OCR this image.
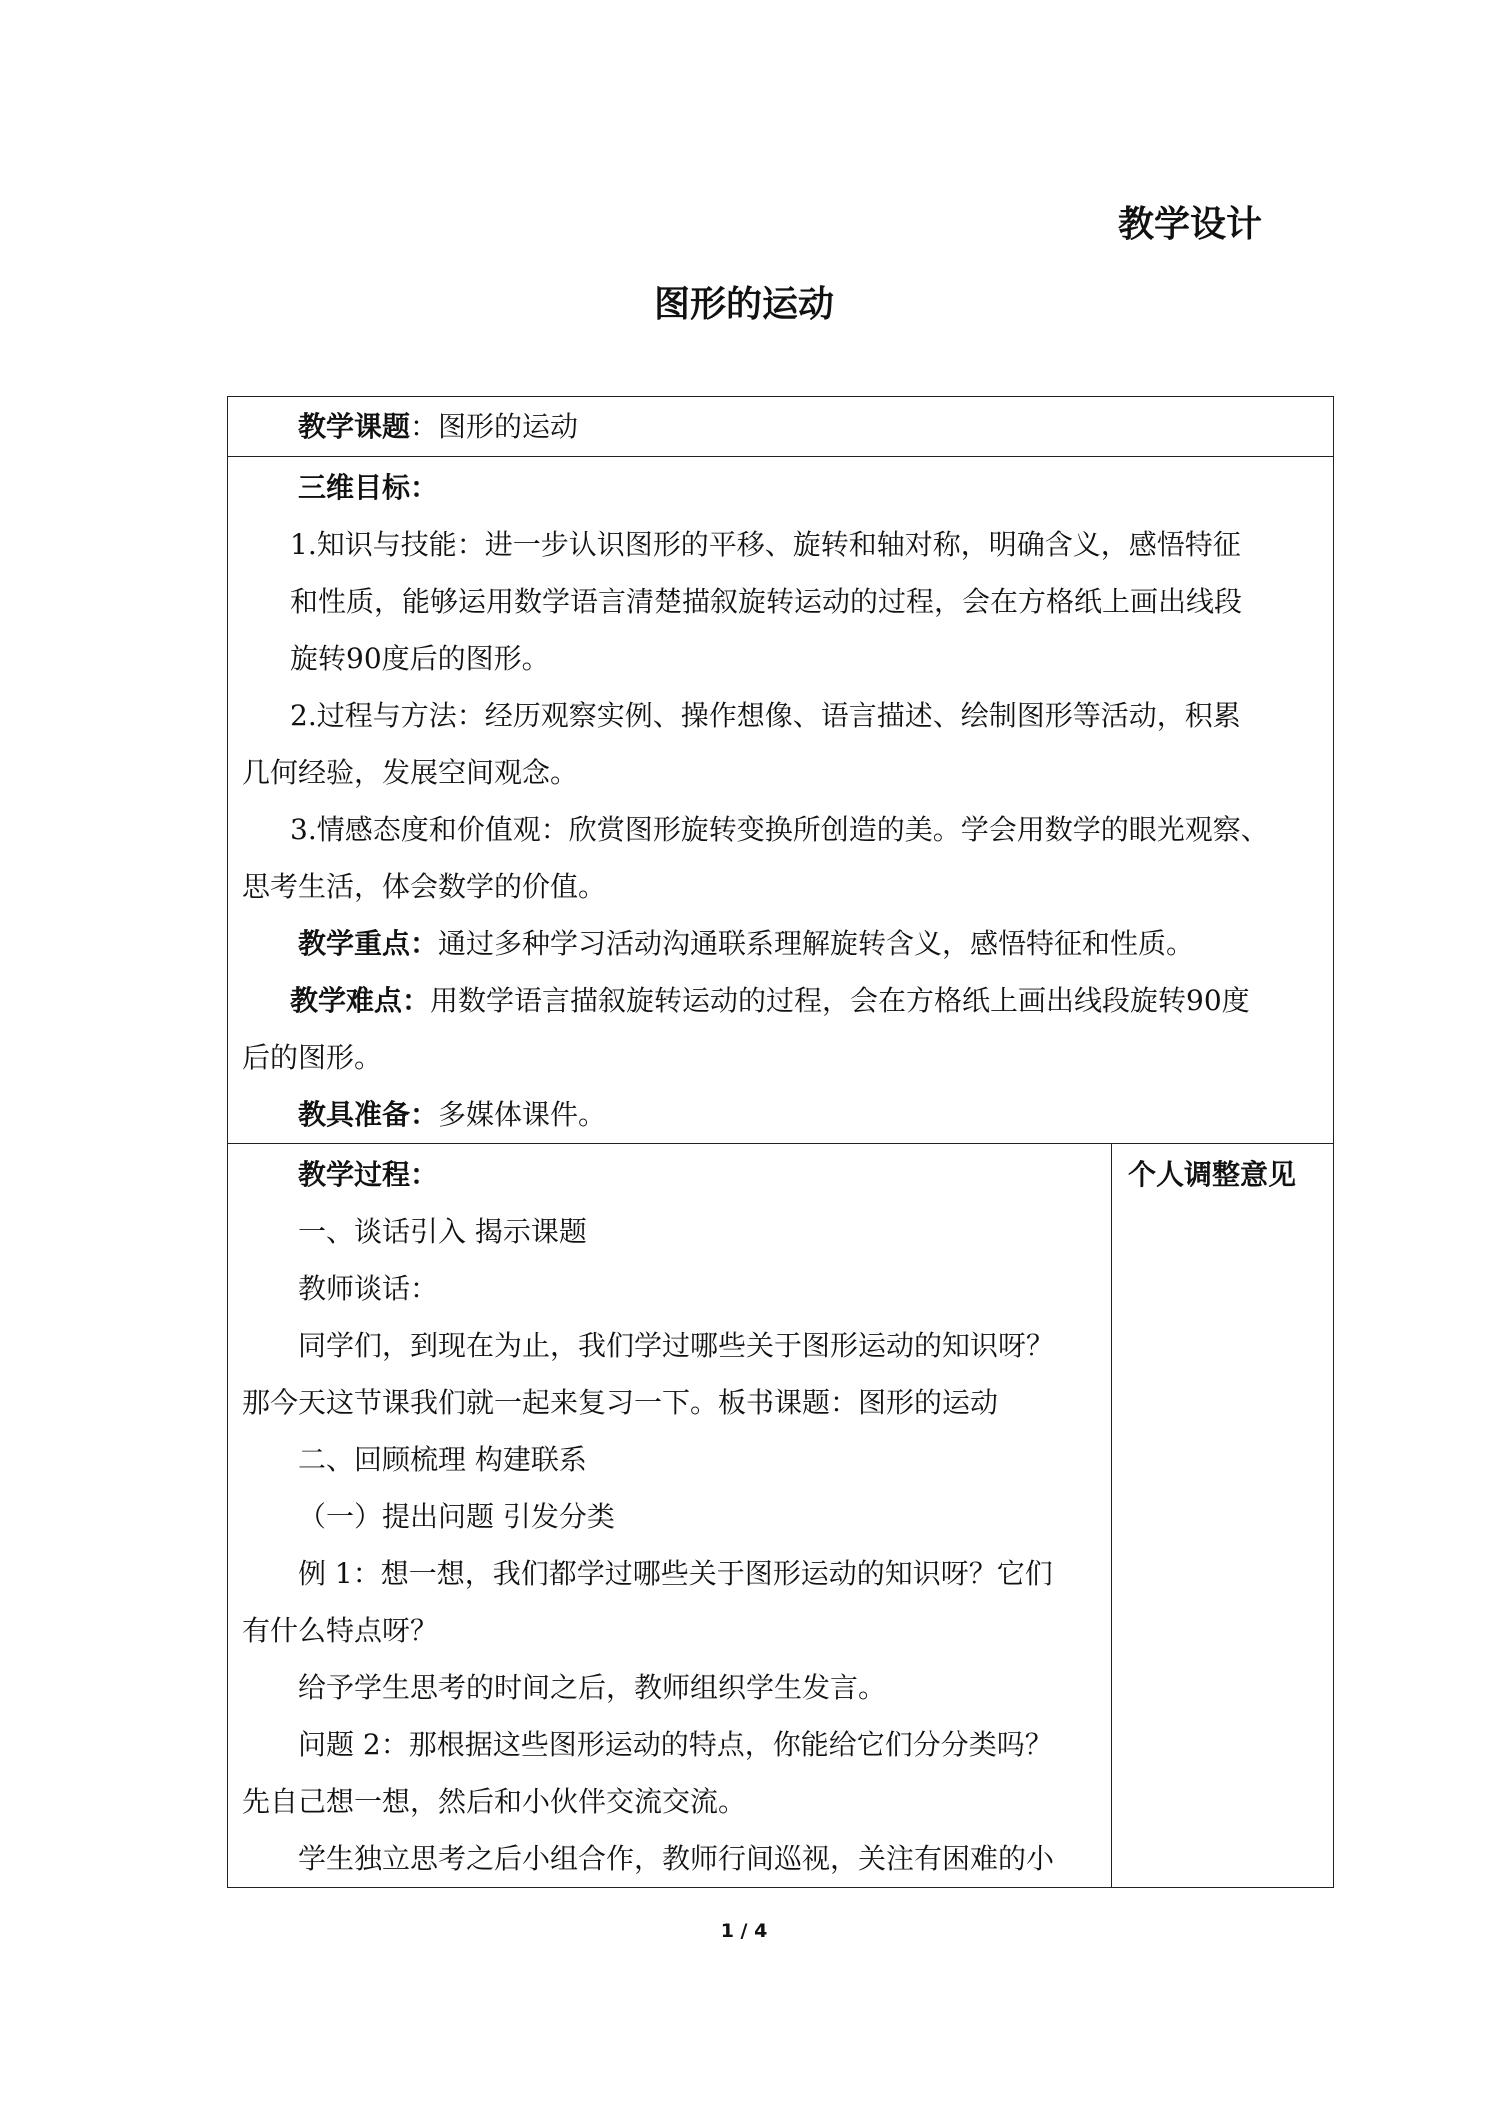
教学设计
图形的运动
教学课题：图形的运动

三维目标：
1.知识与技能：进一步认识图形的平移、旋转和轴对称，明确含义，感悟特征
和性质，能够运用数学语言清楚描叙旋转运动的过程，会在方格纸上画出线段
旋转90度后的图形。
2.过程与方法：经历观察实例、操作想像、语言描述、绘制图形等活动，积累
几何经验，发展空间观念。
3.情感态度和价值观：欣赏图形旋转变换所创造的美。学会用数学的眼光观察、
思考生活，体会数学的价值。
教学重点：通过多种学习活动沟通联系理解旋转含义，感悟特征和性质。
教学难点：用数学语言描叙旋转运动的过程，会在方格纸上画出线段旋转90度
后的图形。
教具准备：多媒体课件。

教学过程：
一、谈话引入 揭示课题
教师谈话：
同学们，到现在为止，我们学过哪些关于图形运动的知识呀？
那今天这节课我们就一起来复习一下。板书课题：图形的运动
二、回顾梳理 构建联系
（一）提出问题 引发分类
例 1：想一想，我们都学过哪些关于图形运动的知识呀？它们
有什么特点呀？
给予学生思考的时间之后，教师组织学生发言。
问题 2：那根据这些图形运动的特点，你能给它们分分类吗？
先自己想一想，然后和小伙伴交流交流。
学生独立思考之后小组合作，教师行间巡视，关注有困难的小

个人调整意见
1 / 4
